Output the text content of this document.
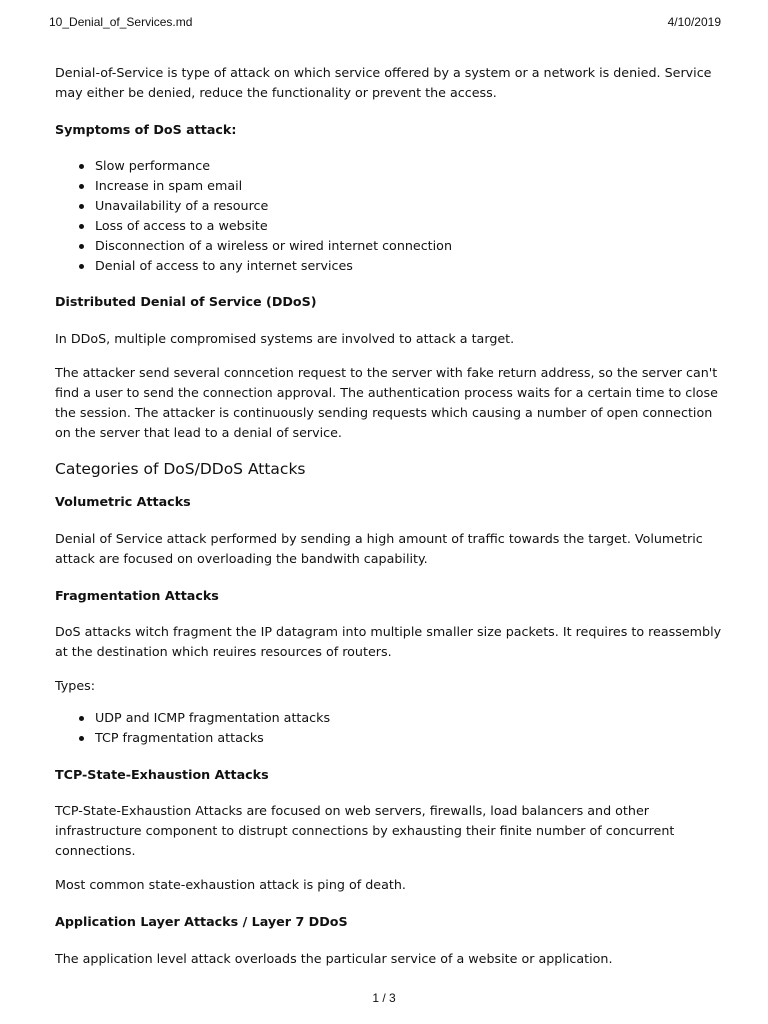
10_Denial_of_Services.md	4/10/2019

Denial-of-Service is type of attack on which service offered by a system or a network is denied. Service may either be denied, reduce the functionality or prevent the access.

Symptoms of DoS attack:

Slow performance
Increase in spam email
Unavailability of a resource
Loss of access to a website
Disconnection of a wireless or wired internet connection
Denial of access to any internet services

Distributed Denial of Service (DDoS)

In DDoS, multiple compromised systems are involved to attack a target.

The attacker send several conncetion request to the server with fake return address, so the server can't find a user to send the connection approval. The authentication process waits for a certain time to close the session. The attacker is continuously sending requests which causing a number of open connection on the server that lead to a denial of service.

Categories of DoS/DDoS Attacks

Volumetric Attacks

Denial of Service attack performed by sending a high amount of traffic towards the target. Volumetric attack are focused on overloading the bandwith capability.

Fragmentation Attacks

DoS attacks witch fragment the IP datagram into multiple smaller size packets. It requires to reassembly at the destination which reuires resources of routers.

Types:

UDP and ICMP fragmentation attacks
TCP fragmentation attacks

TCP-State-Exhaustion Attacks

TCP-State-Exhaustion Attacks are focused on web servers, firewalls, load balancers and other infrastructure component to distrupt connections by exhausting their finite number of concurrent connections.

Most common state-exhaustion attack is ping of death.

Application Layer Attacks / Layer 7 DDoS

The application level attack overloads the particular service of a website or application.

1 / 3
